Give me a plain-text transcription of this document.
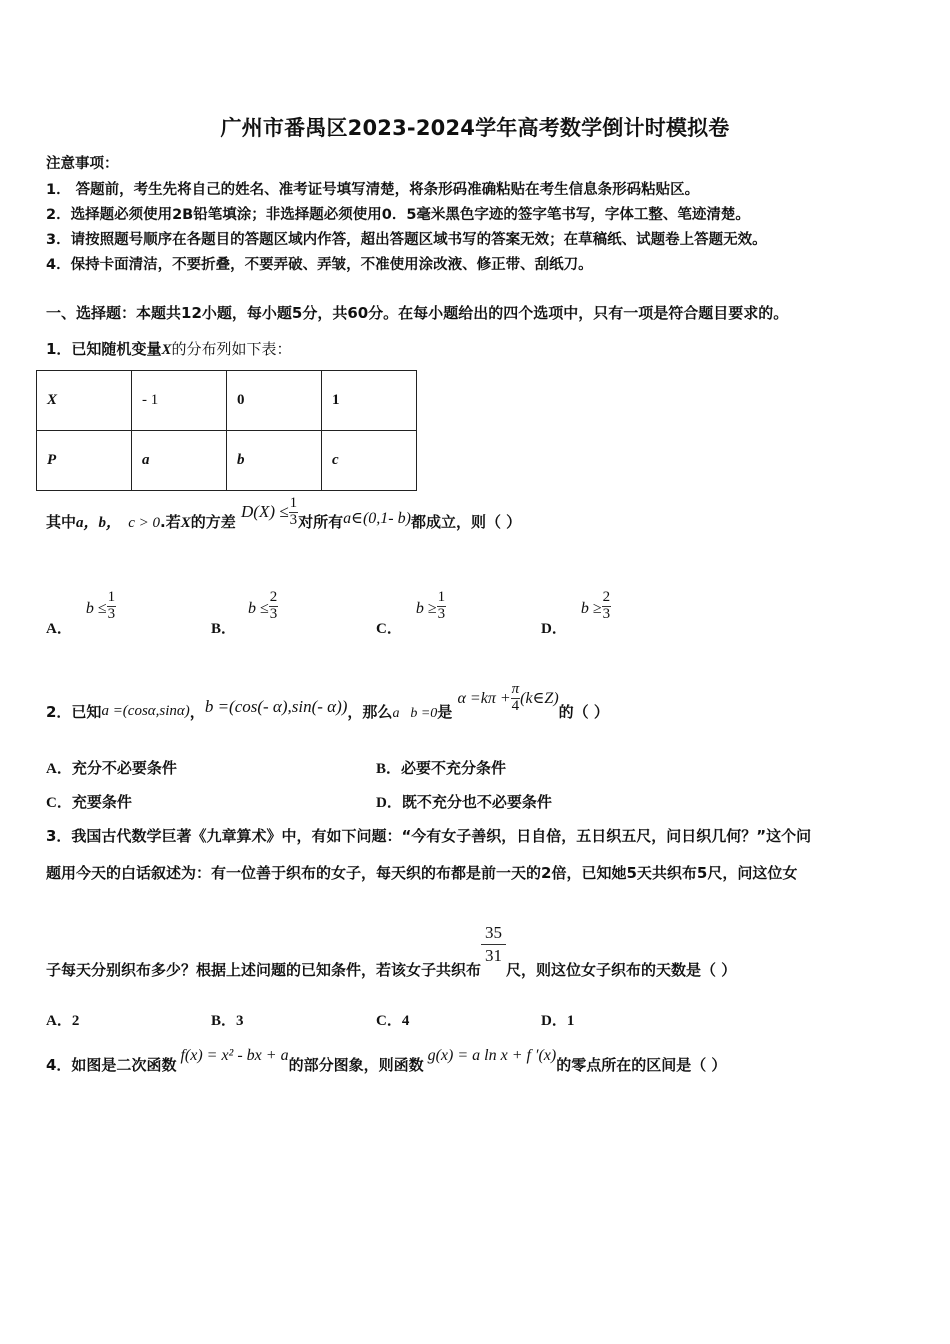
广州市番禺区2023-2024学年高考数学倒计时模拟卷
注意事项：
1． 答题前，考生先将自己的姓名、准考证号填写清楚，将条形码准确粘贴在考生信息条形码粘贴区。
2．选择题必须使用2B铅笔填涂；非选择题必须使用0．5毫米黑色字迹的签字笔书写，字体工整、笔迹清楚。
3．请按照题号顺序在各题目的答题区域内作答，超出答题区域书写的答案无效；在草稿纸、试题卷上答题无效。
4．保持卡面清洁，不要折叠，不要弄破、弄皱，不准使用涂改液、修正带、刮纸刀。
一、选择题：本题共12小题，每小题5分，共60分。在每小题给出的四个选项中，只有一项是符合题目要求的。
1．已知随机变量X的分布列如下表：
X	- 1	0	1
P	a	b	c
其中a，b， c > 0.若X的方差 $D(X) \le \frac{1}{3}$ 对所有a∈(0,1- b)都成立，则（ ）
A．$b \le \frac{1}{3}$
B．$b \le \frac{2}{3}$
C．$b \ge \frac{1}{3}$
D．$b \ge \frac{2}{3}$
2．已知a =(cosα,sinα)，b =(cos(- α),sin(- α))，那么a⃗b =0是 $\alpha =k\pi + \frac{\pi}{4}$ (k∈Z)的（ ）
A．充分不必要条件	B．必要不充分条件
C．充要条件	D．既不充分也不必要条件
3．我国古代数学巨著《九章算术》中，有如下问题：“今有女子善织，日自倍，五日织五尺，问日织几何？”这个问
题用今天的白话叙述为：有一位善于织布的女子，每天织的布都是前一天的2倍，已知她5天共织布5尺，问这位女
子每天分别织布多少？根据上述问题的已知条件，若该女子共织布
$\frac{35}{31}$
尺，则这位女子织布的天数是（ ）
A．2	B．3	C．4	D．1
4．如图是二次函数f(x) = x² - bx + a的部分图象，则函数g(x) = a ln x + f ′(x)的零点所在的区间是（ ）
